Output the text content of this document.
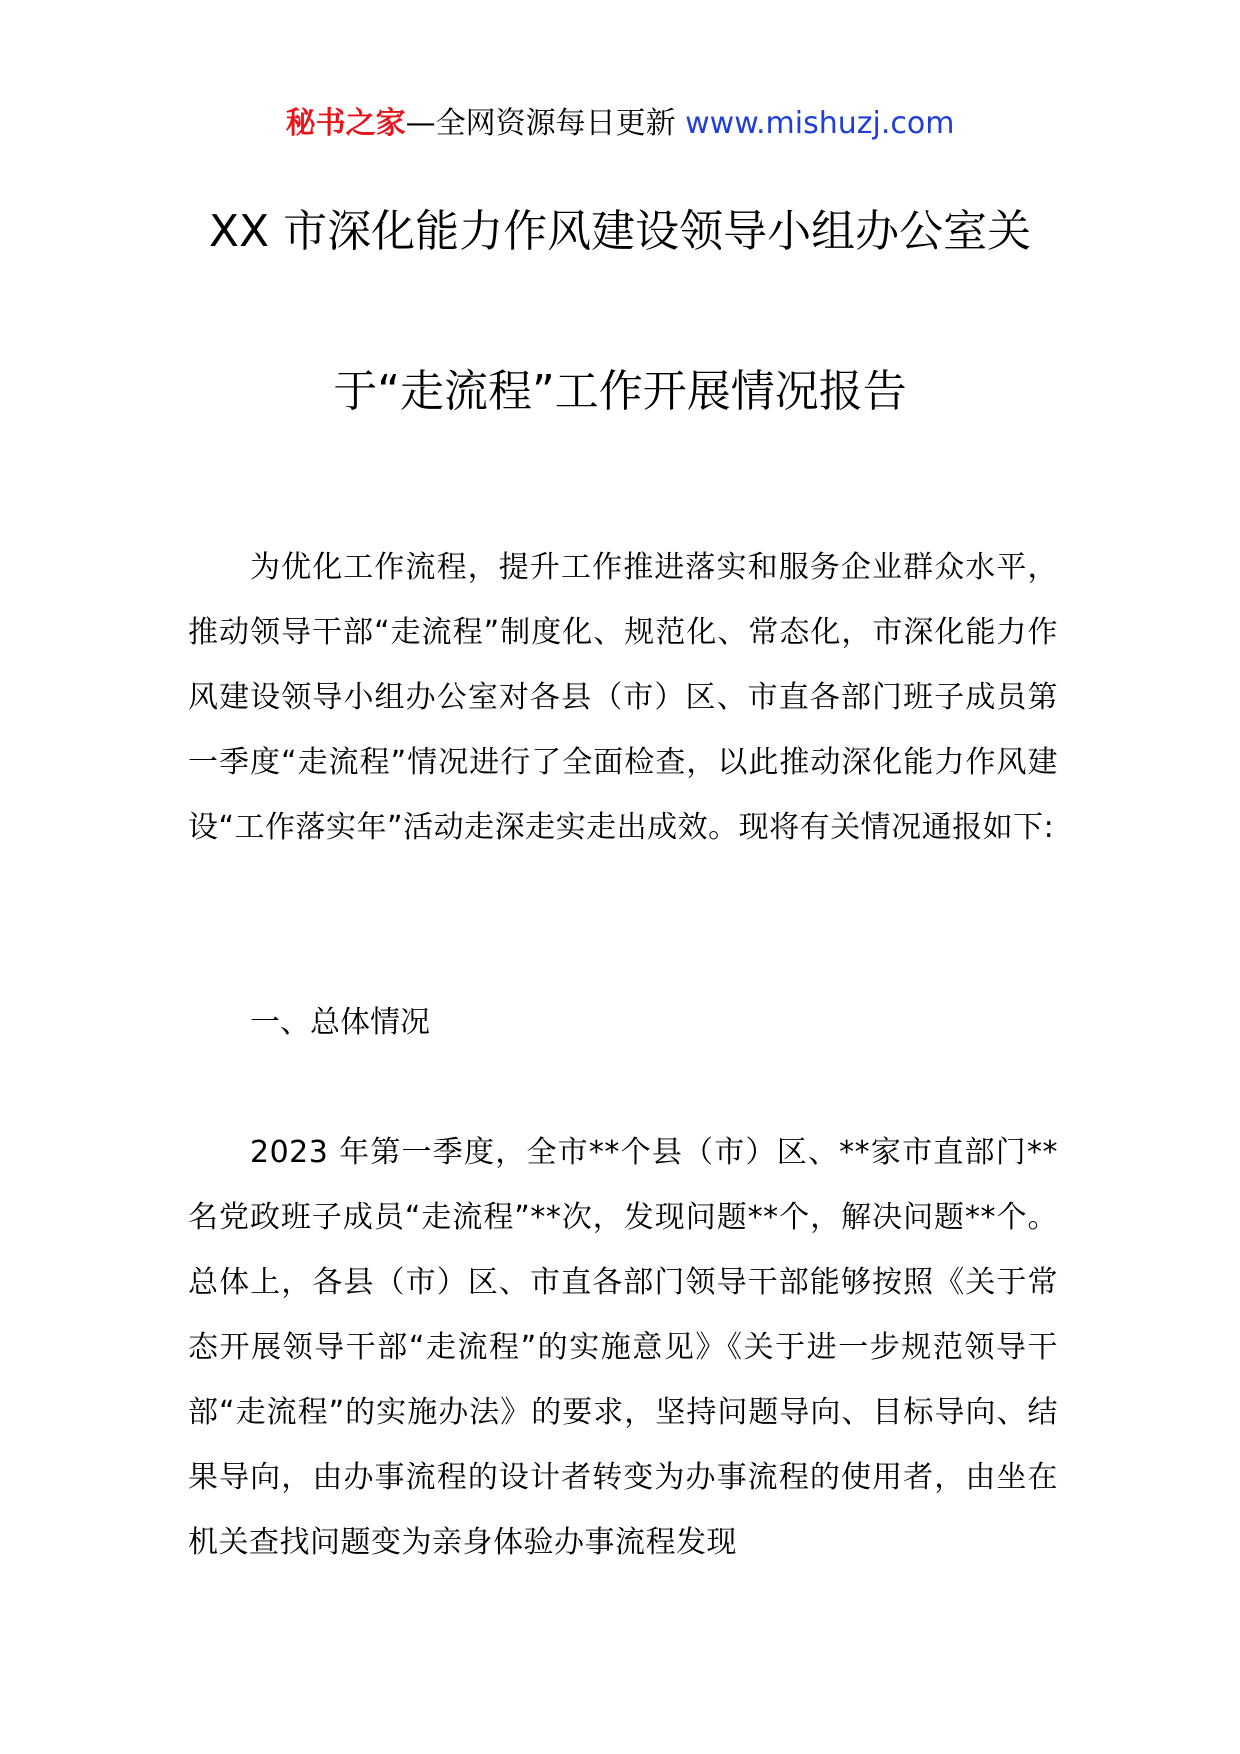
秘书之家—全网资源每日更新 www.mishuzj.com
XX 市深化能力作风建设领导小组办公室关
于“走流程”工作开展情况报告

为优化工作流程，提升工作推进落实和服务企业群众水平，推动领导干部“走流程”制度化、规范化、常态化，市深化能力作风建设领导小组办公室对各县（市）区、市直各部门班子成员第一季度“走流程”情况进行了全面检查，以此推动深化能力作风建设“工作落实年”活动走深走实走出成效。现将有关情况通报如下:

一、总体情况

2023 年第一季度，全市**个县（市）区、**家市直部门**名党政班子成员“走流程”**次，发现问题**个，解决问题**个。总体上，各县（市）区、市直各部门领导干部能够按照《关于常态开展领导干部“走流程”的实施意见》《关于进一步规范领导干部“走流程”的实施办法》的要求，坚持问题导向、目标导向、结果导向，由办事流程的设计者转变为办事流程的使用者，由坐在机关查找问题变为亲身体验办事流程发现
